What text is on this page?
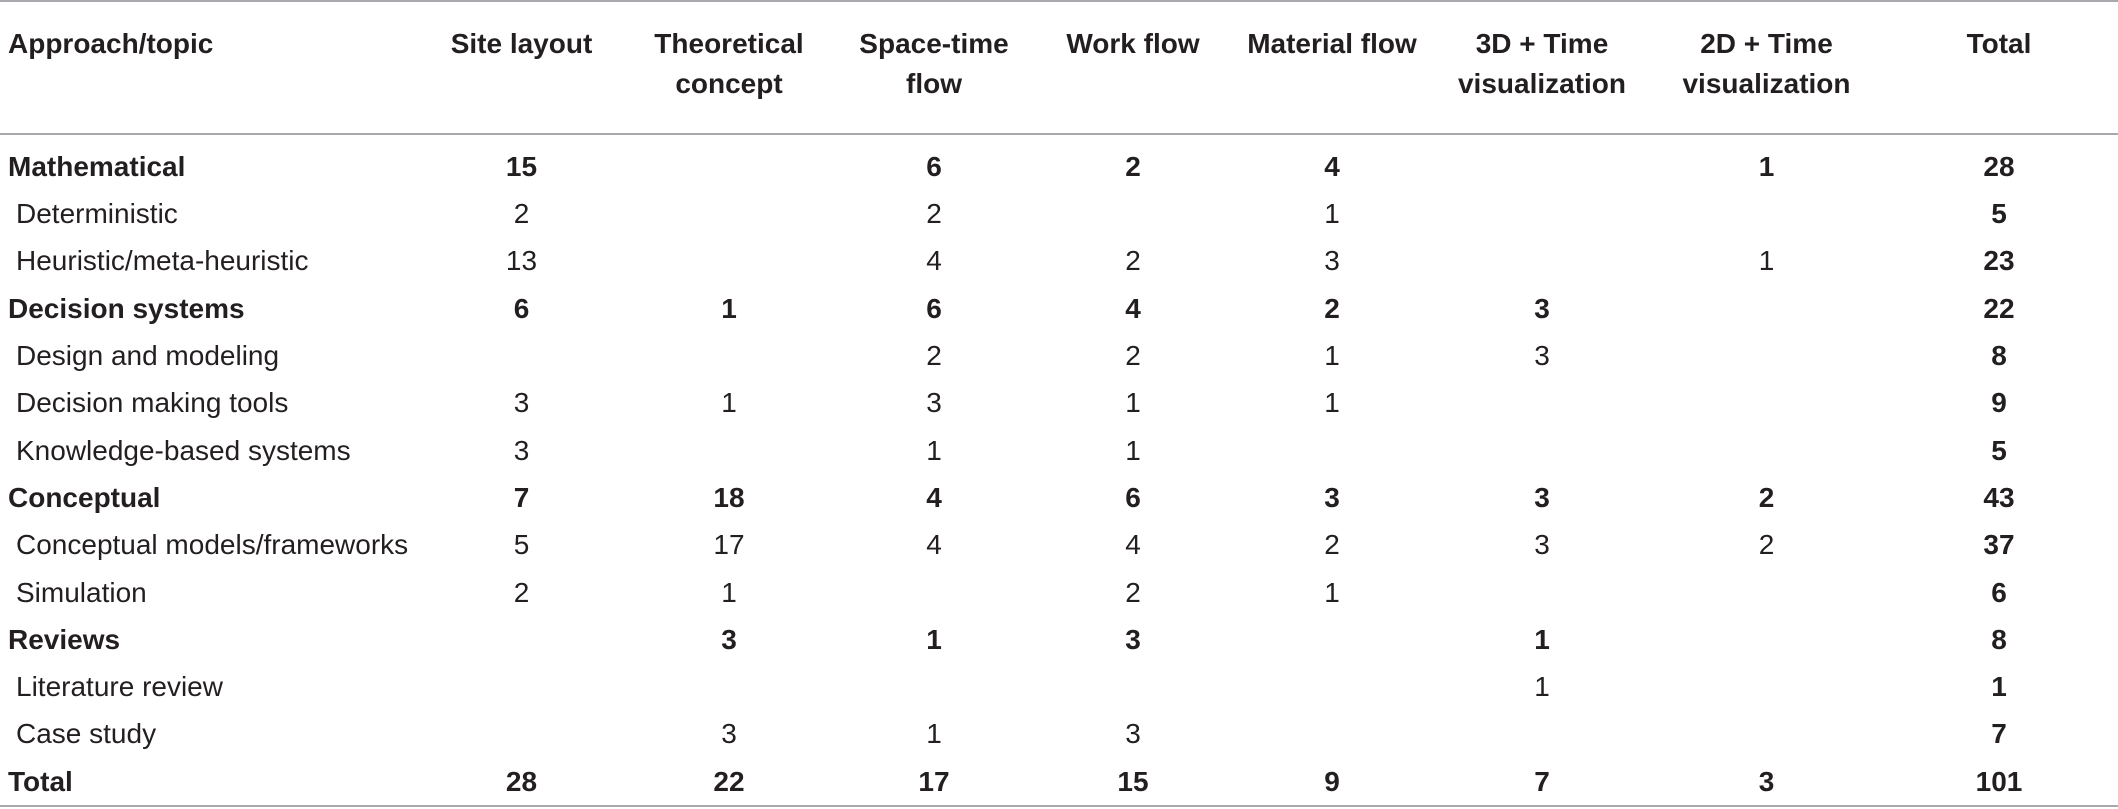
Approach/topic	Site layout	Theoretical concept	Space-time flow	Work flow	Material flow	3D + Time visualization	2D + Time visualization	Total
Mathematical	15		6	2	4		1	28
Deterministic	2		2		1			5
Heuristic/meta-heuristic	13		4	2	3		1	23
Decision systems	6	1	6	4	2	3		22
Design and modeling			2	2	1	3		8
Decision making tools	3	1	3	1	1			9
Knowledge-based systems	3		1	1				5
Conceptual	7	18	4	6	3	3	2	43
Conceptual models/frameworks	5	17	4	4	2	3	2	37
Simulation	2	1		2	1			6
Reviews		3	1	3		1		8
Literature review						1		1
Case study		3	1	3				7
Total	28	22	17	15	9	7	3	101
